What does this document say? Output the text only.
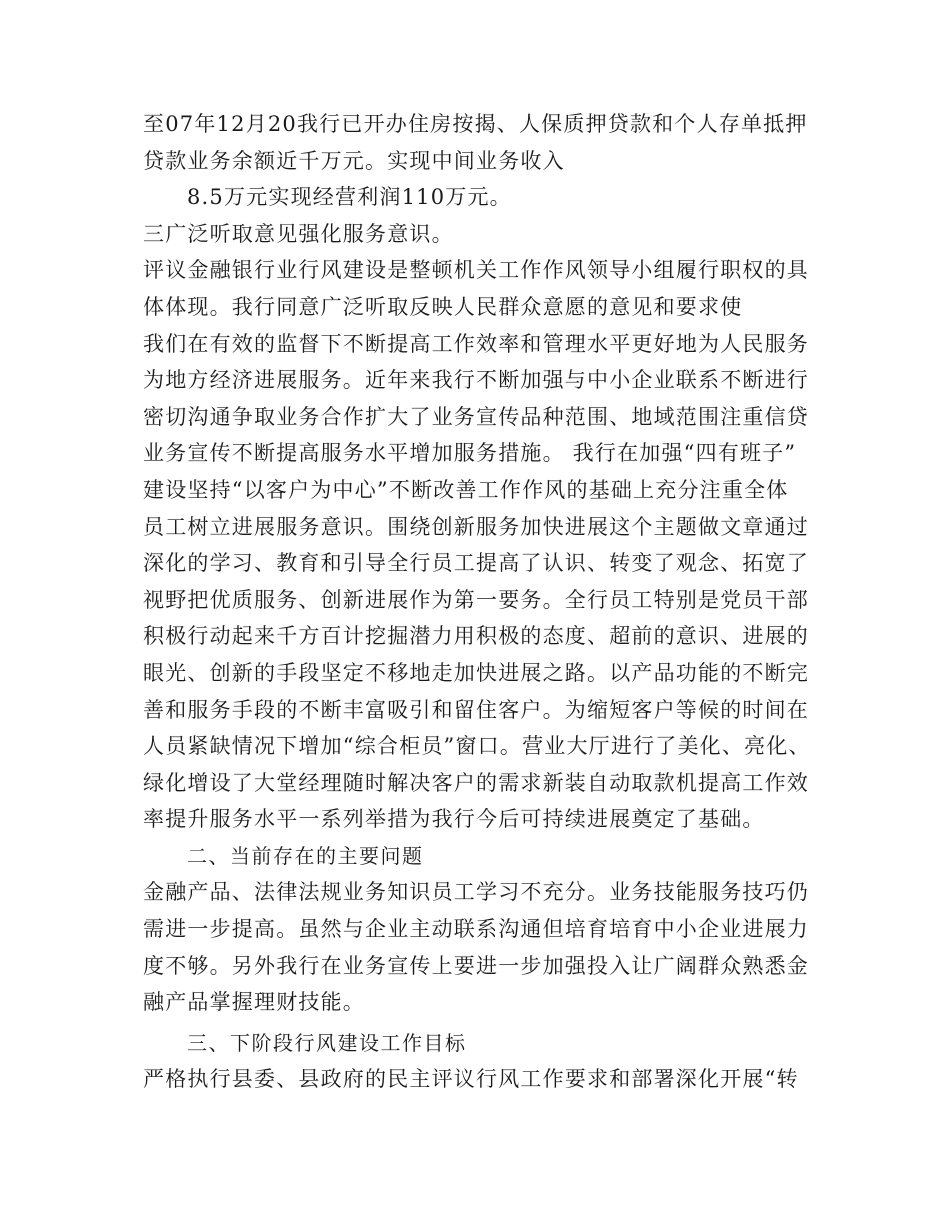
至07年12月20我行已开办住房按揭、人保质押贷款和个人存单抵押
贷款业务余额近千万元。实现中间业务收入
8.5万元实现经营利润110万元。
三广泛听取意见强化服务意识。
评议金融银行业行风建设是整顿机关工作作风领导小组履行职权的具
体体现。我行同意广泛听取反映人民群众意愿的意见和要求使
我们在有效的监督下不断提高工作效率和管理水平更好地为人民服务
为地方经济进展服务。近年来我行不断加强与中小企业联系不断进行
密切沟通争取业务合作扩大了业务宣传品种范围、地域范围注重信贷
业务宣传不断提高服务水平增加服务措施。 我行在加强“四有班子”
建设坚持“以客户为中心”不断改善工作作风的基础上充分注重全体
员工树立进展服务意识。围绕创新服务加快进展这个主题做文章通过
深化的学习、教育和引导全行员工提高了认识、转变了观念、拓宽了
视野把优质服务、创新进展作为第一要务。全行员工特别是党员干部
积极行动起来千方百计挖掘潜力用积极的态度、超前的意识、进展的
眼光、创新的手段坚定不移地走加快进展之路。以产品功能的不断完
善和服务手段的不断丰富吸引和留住客户。为缩短客户等候的时间在
人员紧缺情况下增加“综合柜员”窗口。营业大厅进行了美化、亮化、
绿化增设了大堂经理随时解决客户的需求新装自动取款机提高工作效
率提升服务水平一系列举措为我行今后可持续进展奠定了基础。
二、当前存在的主要问题
金融产品、法律法规业务知识员工学习不充分。业务技能服务技巧仍
需进一步提高。虽然与企业主动联系沟通但培育培育中小企业进展力
度不够。另外我行在业务宣传上要进一步加强投入让广阔群众熟悉金
融产品掌握理财技能。
三、下阶段行风建设工作目标
严格执行县委、县政府的民主评议行风工作要求和部署深化开展“转
